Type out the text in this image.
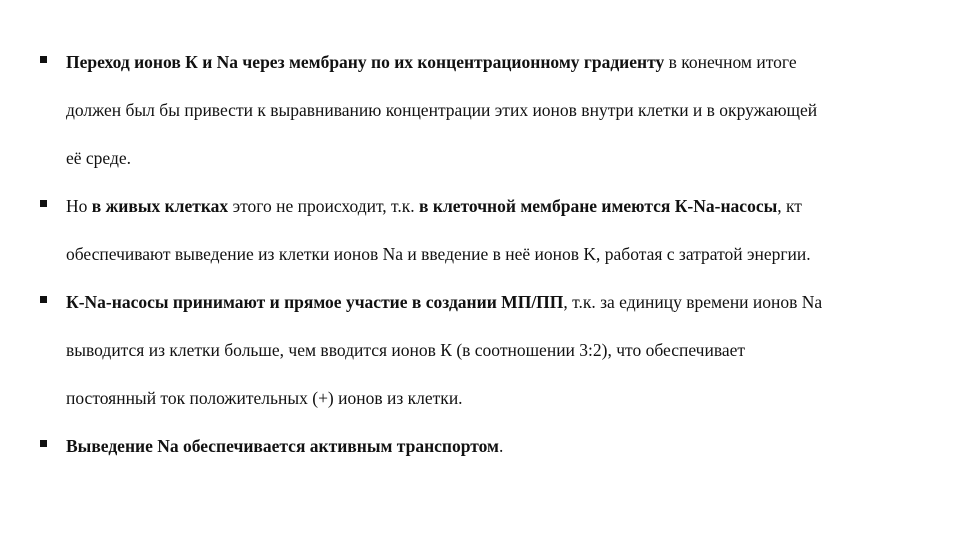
Переход ионов К и Na через мембрану по их концентрационному градиенту в конечном итоге
должен был бы привести к выравниванию концентрации этих ионов внутри клетки и в окружающей
её среде.
Но в живых клетках этого не происходит, т.к. в клеточной мембране имеются К-Na-насосы, кт
обеспечивают выведение из клетки ионов Na и введение в неё ионов K, работая с затратой энергии.
К-Na-насосы принимают и прямое участие в создании МП/ПП, т.к. за единицу времени ионов Na
выводится из клетки больше, чем вводится ионов К (в соотношении 3:2), что обеспечивает
постоянный ток положительных (+) ионов из клетки.
Выведение Na обеспечивается активным транспортом.
